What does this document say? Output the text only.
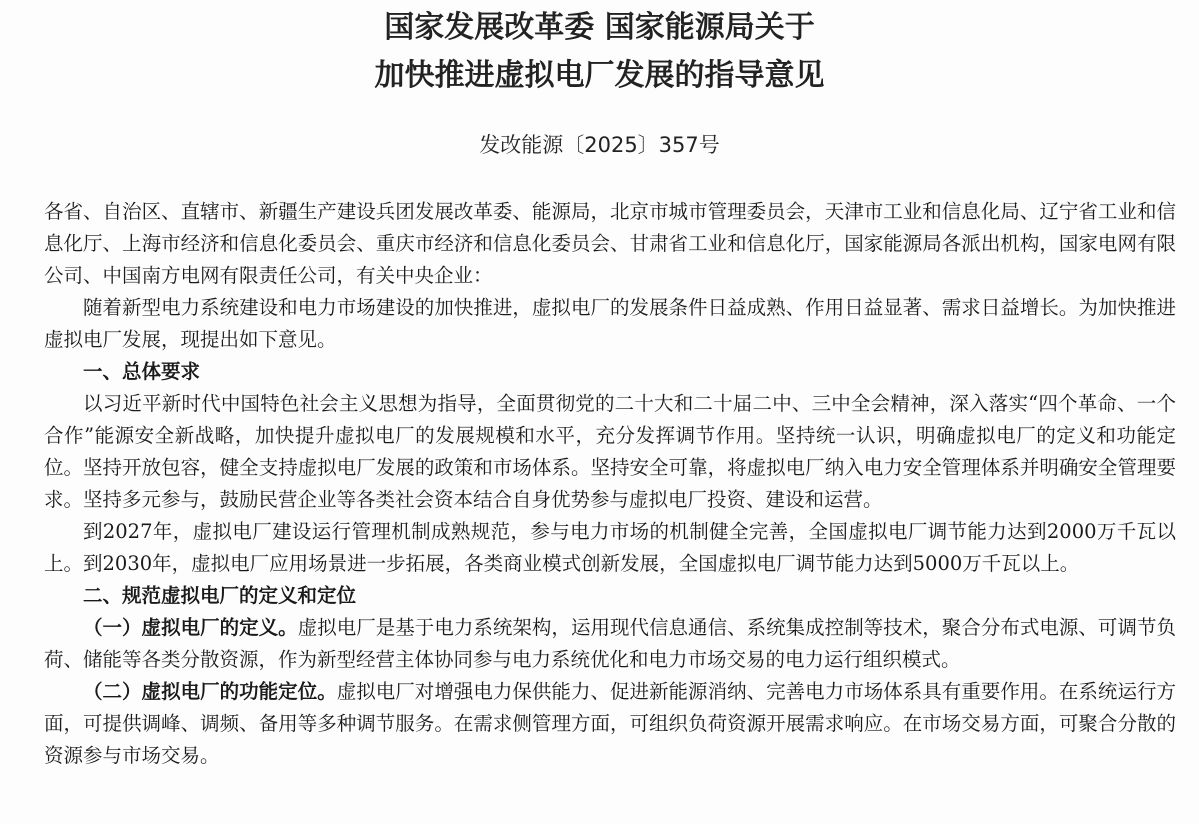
国家发展改革委 国家能源局关于
加快推进虚拟电厂发展的指导意见
发改能源〔2025〕357号

各省、自治区、直辖市、新疆生产建设兵团发展改革委、能源局，北京市城市管理委员会，天津市工业和信息化局、辽宁省工业和信息化厅、上海市经济和信息化委员会、重庆市经济和信息化委员会、甘肃省工业和信息化厅，国家能源局各派出机构，国家电网有限公司、中国南方电网有限责任公司，有关中央企业：

随着新型电力系统建设和电力市场建设的加快推进，虚拟电厂的发展条件日益成熟、作用日益显著、需求日益增长。为加快推进虚拟电厂发展，现提出如下意见。

一、总体要求

以习近平新时代中国特色社会主义思想为指导，全面贯彻党的二十大和二十届二中、三中全会精神，深入落实“四个革命、一个合作”能源安全新战略，加快提升虚拟电厂的发展规模和水平，充分发挥调节作用。坚持统一认识，明确虚拟电厂的定义和功能定位。坚持开放包容，健全支持虚拟电厂发展的政策和市场体系。坚持安全可靠，将虚拟电厂纳入电力安全管理体系并明确安全管理要求。坚持多元参与，鼓励民营企业等各类社会资本结合自身优势参与虚拟电厂投资、建设和运营。

到2027年，虚拟电厂建设运行管理机制成熟规范，参与电力市场的机制健全完善，全国虚拟电厂调节能力达到2000万千瓦以上。到2030年，虚拟电厂应用场景进一步拓展，各类商业模式创新发展，全国虚拟电厂调节能力达到5000万千瓦以上。

二、规范虚拟电厂的定义和定位

（一）虚拟电厂的定义。虚拟电厂是基于电力系统架构，运用现代信息通信、系统集成控制等技术，聚合分布式电源、可调节负荷、储能等各类分散资源，作为新型经营主体协同参与电力系统优化和电力市场交易的电力运行组织模式。

（二）虚拟电厂的功能定位。虚拟电厂对增强电力保供能力、促进新能源消纳、完善电力市场体系具有重要作用。在系统运行方面，可提供调峰、调频、备用等多种调节服务。在需求侧管理方面，可组织负荷资源开展需求响应。在市场交易方面，可聚合分散的资源参与市场交易。
